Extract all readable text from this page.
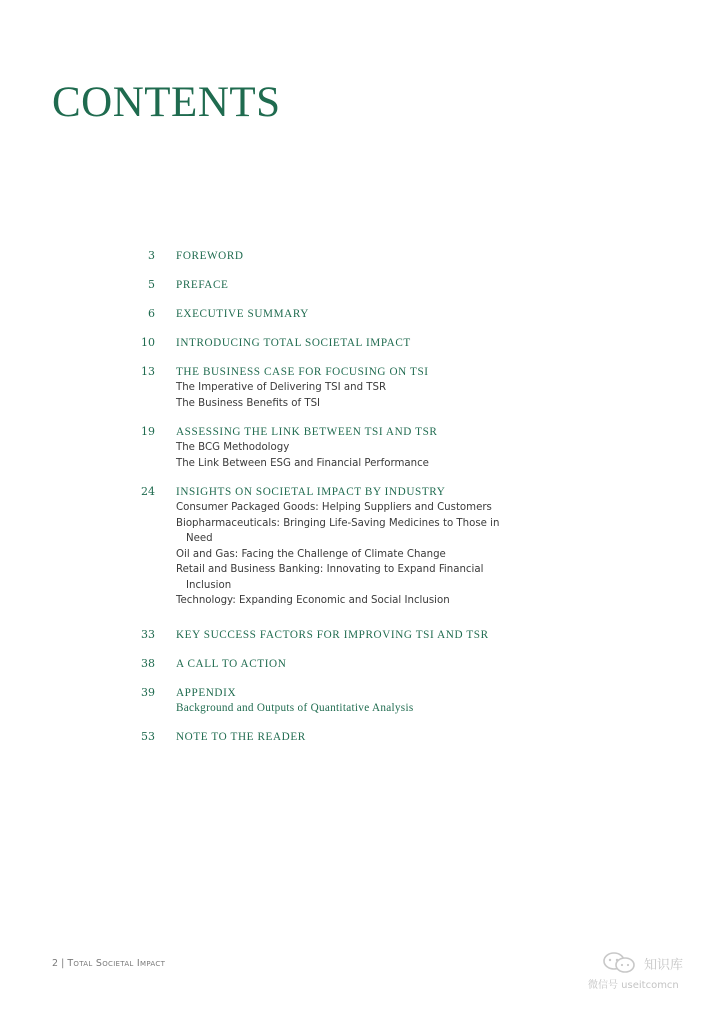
CONTENTS
3 FOREWORD
5 PREFACE
6 EXECUTIVE SUMMARY
10 INTRODUCING TOTAL SOCIETAL IMPACT
13 THE BUSINESS CASE FOR FOCUSING ON TSI
The Imperative of Delivering TSI and TSR
The Business Benefits of TSI
19 ASSESSING THE LINK BETWEEN TSI AND TSR
The BCG Methodology
The Link Between ESG and Financial Performance
24 INSIGHTS ON SOCIETAL IMPACT BY INDUSTRY
Consumer Packaged Goods: Helping Suppliers and Customers
Biopharmaceuticals: Bringing Life-Saving Medicines to Those in
Need
Oil and Gas: Facing the Challenge of Climate Change
Retail and Business Banking: Innovating to Expand Financial
Inclusion
Technology: Expanding Economic and Social Inclusion
33 KEY SUCCESS FACTORS FOR IMPROVING TSI AND TSR
38 A CALL TO ACTION
39 APPENDIX
Background and Outputs of Quantitative Analysis
53 NOTE TO THE READER
2 | Total Societal Impact	知识库
微信号 useitcomcn
